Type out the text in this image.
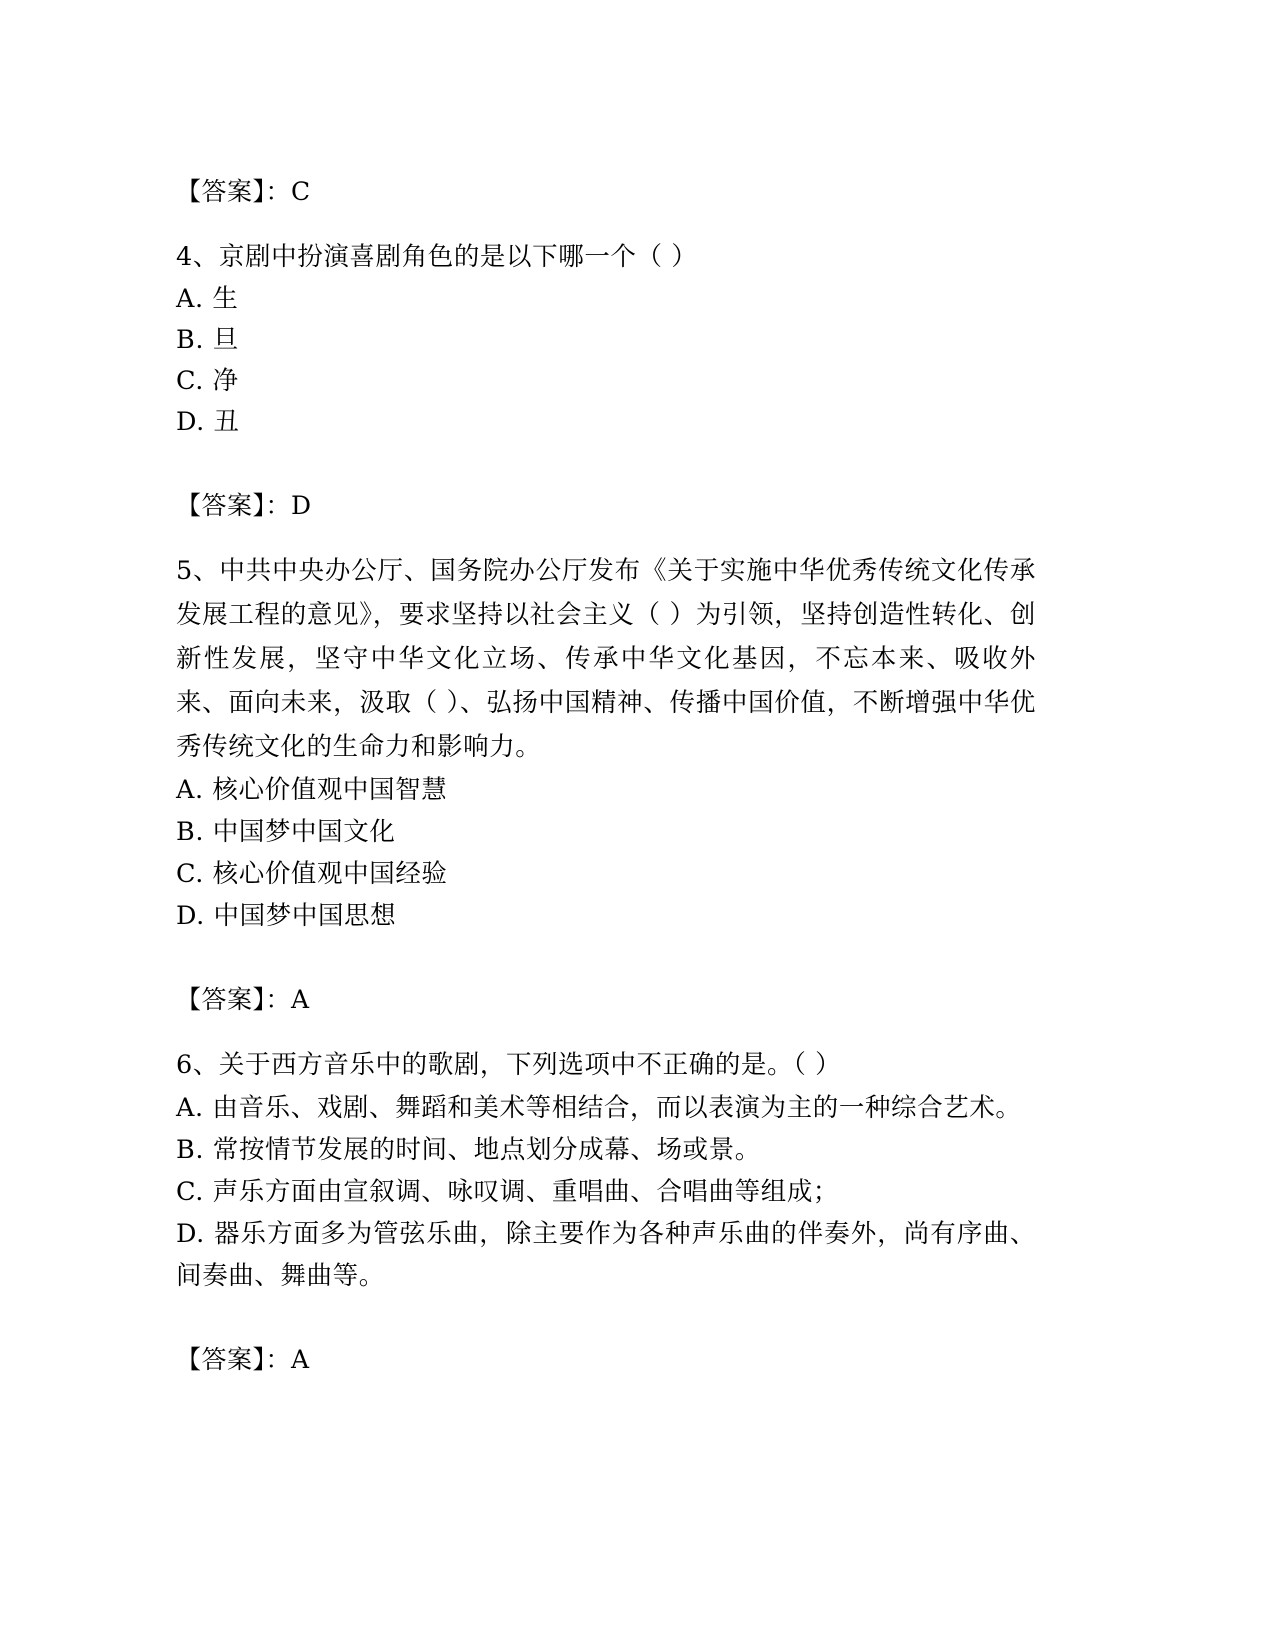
【答案】：C
4、京剧中扮演喜剧角色的是以下哪一个（ ）
A. 生
B. 旦
C. 净
D. 丑
【答案】：D
5、中共中央办公厅、国务院办公厅发布《关于实施中华优秀传统文化传承发展工程的意见》，要求坚持以社会主义（ ）为引领，坚持创造性转化、创新性发展，坚守中华文化立场、传承中华文化基因，不忘本来、吸收外来、面向未来，汲取（ ）、弘扬中国精神、传播中国价值，不断增强中华优秀传统文化的生命力和影响力。
A. 核心价值观中国智慧
B. 中国梦中国文化
C. 核心价值观中国经验
D. 中国梦中国思想
【答案】：A
6、关于西方音乐中的歌剧，下列选项中不正确的是。（ ）
A. 由音乐、戏剧、舞蹈和美术等相结合，而以表演为主的一种综合艺术。
B. 常按情节发展的时间、地点划分成幕、场或景。
C. 声乐方面由宣叙调、咏叹调、重唱曲、合唱曲等组成；
D. 器乐方面多为管弦乐曲，除主要作为各种声乐曲的伴奏外，尚有序曲、间奏曲、舞曲等。
【答案】：A
